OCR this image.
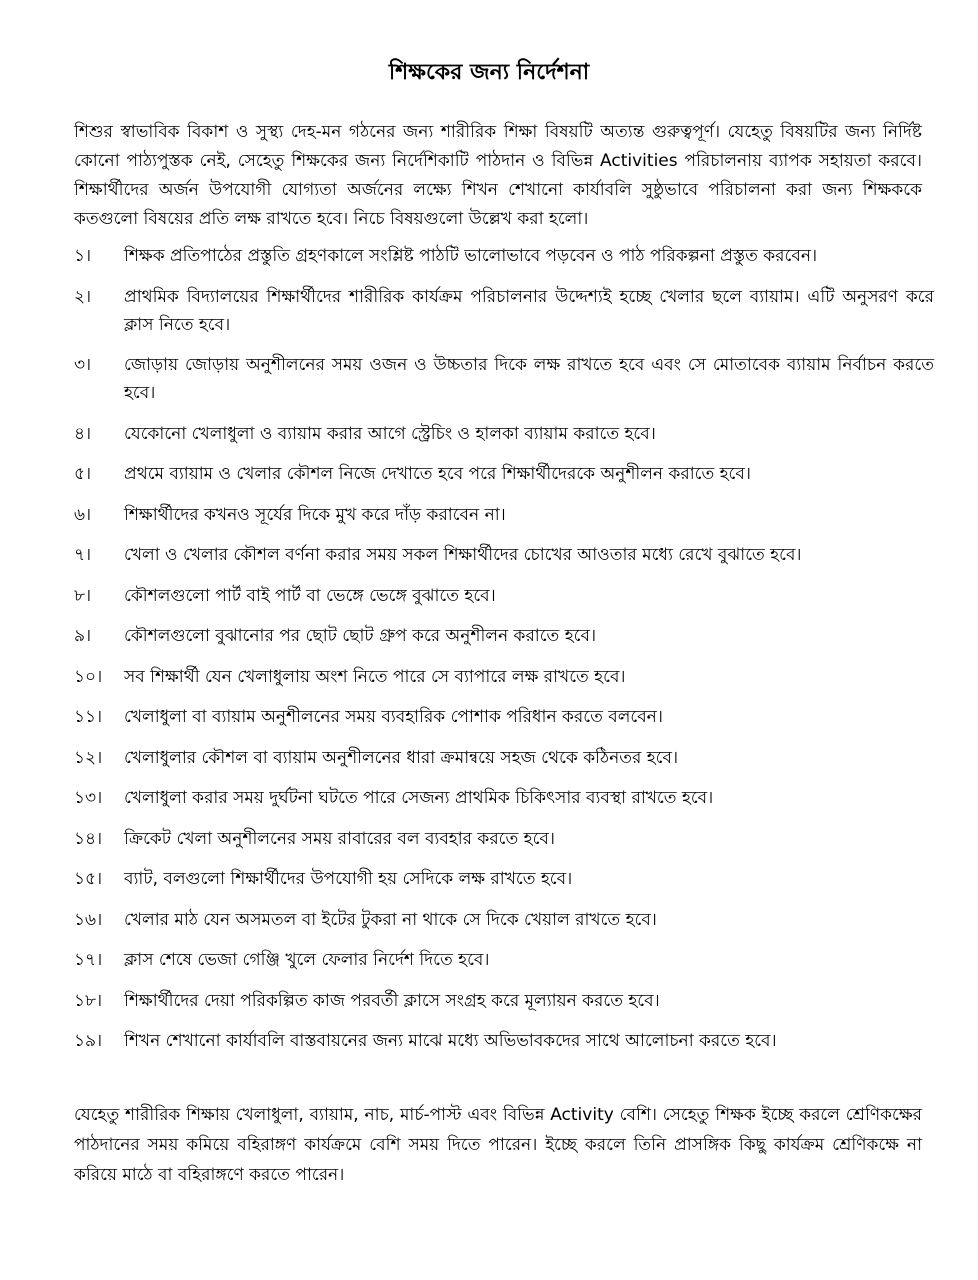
শিক্ষকের জন্য নির্দেশনা
শিশুর স্বাভাবিক বিকাশ ও সুস্থ্য দেহ-মন গঠনের জন্য শারীরিক শিক্ষা বিষয়টি অত্যন্ত গুরুত্বপূর্ণ। যেহেতু বিষয়টির জন্য নির্দিষ্ট কোনো পাঠ্যপুস্তক নেই, সেহেতু শিক্ষকের জন্য নির্দেশিকাটি পাঠদান ও বিভিন্ন Activities পরিচালনায় ব্যাপক সহায়তা করবে। শিক্ষার্থীদের অর্জন উপযোগী যোগ্যতা অর্জনের লক্ষ্যে শিখন শেখানো কার্যাবলি সুষ্ঠুভাবে পরিচালনা করা জন্য শিক্ষককে কতগুলো বিষয়ের প্রতি লক্ষ রাখতে হবে। নিচে বিষয়গুলো উল্লেখ করা হলো।
১।	শিক্ষক প্রতিপাঠের প্রস্তুতি গ্রহণকালে সংশ্লিষ্ট পাঠটি ভালোভাবে পড়বেন ও পাঠ পরিকল্পনা প্রস্তুত করবেন।
২।	প্রাথমিক বিদ্যালয়ের শিক্ষার্থীদের শারীরিক কার্যক্রম পরিচালনার উদ্দেশ্যই হচ্ছে খেলার ছলে ব্যায়াম। এটি অনুসরণ করে ক্লাস নিতে হবে।
৩।	জোড়ায় জোড়ায় অনুশীলনের সময় ওজন ও উচ্চতার দিকে লক্ষ রাখতে হবে এবং সে মোতাবেক ব্যায়াম নির্বাচন করতে হবে।
৪।	যেকোনো খেলাধুলা ও ব্যায়াম করার আগে স্ট্রেচিং ও হালকা ব্যায়াম করাতে হবে।
৫।	প্রথমে ব্যায়াম ও খেলার কৌশল নিজে দেখাতে হবে পরে শিক্ষার্থীদেরকে অনুশীলন করাতে হবে।
৬।	শিক্ষার্থীদের কখনও সূর্যের দিকে মুখ করে দাঁড় করাবেন না।
৭।	খেলা ও খেলার কৌশল বর্ণনা করার সময় সকল শিক্ষার্থীদের চোখের আওতার মধ্যে রেখে বুঝাতে হবে।
৮।	কৌশলগুলো পার্ট বাই পার্ট বা ভেঙ্গে ভেঙ্গে বুঝাতে হবে।
৯।	কৌশলগুলো বুঝানোর পর ছোট ছোট গ্রুপ করে অনুশীলন করাতে হবে।
১০।	সব শিক্ষার্থী যেন খেলাধুলায় অংশ নিতে পারে সে ব্যাপারে লক্ষ রাখতে হবে।
১১।	খেলাধুলা বা ব্যায়াম অনুশীলনের সময় ব্যবহারিক পোশাক পরিধান করতে বলবেন।
১২।	খেলাধুলার কৌশল বা ব্যায়াম অনুশীলনের ধারা ক্রমান্বয়ে সহজ থেকে কঠিনতর হবে।
১৩।	খেলাধুলা করার সময় দুর্ঘটনা ঘটতে পারে সেজন্য প্রাথমিক চিকিৎসার ব্যবস্থা রাখতে হবে।
১৪।	ক্রিকেট খেলা অনুশীলনের সময় রাবারের বল ব্যবহার করতে হবে।
১৫।	ব্যাট, বলগুলো শিক্ষার্থীদের উপযোগী হয় সেদিকে লক্ষ রাখতে হবে।
১৬।	খেলার মাঠ যেন অসমতল বা ইটের টুকরা না থাকে সে দিকে খেয়াল রাখতে হবে।
১৭।	ক্লাস শেষে ভেজা গেঞ্জি খুলে ফেলার নির্দেশ দিতে হবে।
১৮।	শিক্ষার্থীদের দেয়া পরিকল্পিত কাজ পরবর্তী ক্লাসে সংগ্রহ করে মূল্যায়ন করতে হবে।
১৯।	শিখন শেখানো কার্যাবলি বাস্তবায়নের জন্য মাঝে মধ্যে অভিভাবকদের সাথে আলোচনা করতে হবে।
যেহেতু শারীরিক শিক্ষায় খেলাধুলা, ব্যায়াম, নাচ, মার্চ-পাস্ট এবং বিভিন্ন Activity বেশি। সেহেতু শিক্ষক ইচ্ছে করলে শ্রেণিকক্ষের পাঠদানের সময় কমিয়ে বহিরাঙ্গণ কার্যক্রমে বেশি সময় দিতে পারেন। ইচ্ছে করলে তিনি প্রাসঙ্গিক কিছু কার্যক্রম শ্রেণিকক্ষে না করিয়ে মাঠে বা বহিরাঙ্গণে করতে পারেন।
